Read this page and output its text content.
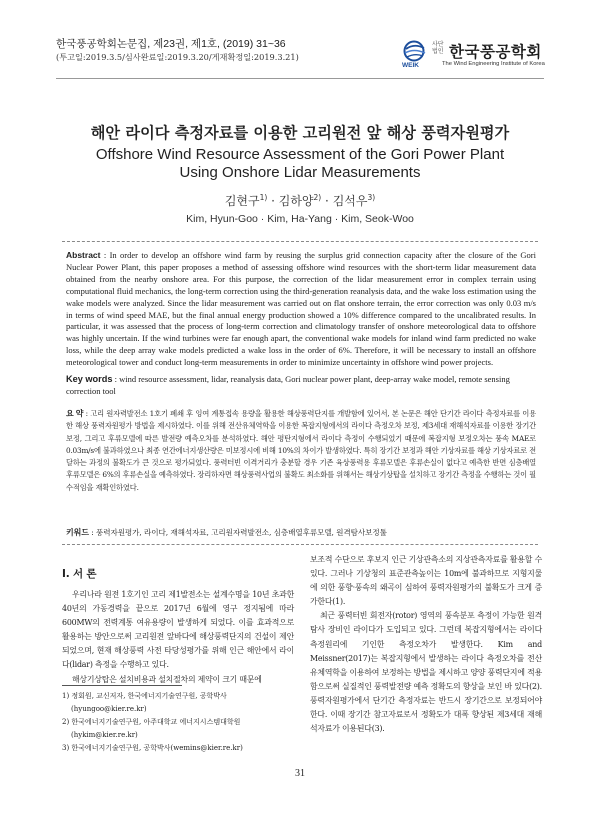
한국풍공학회논문집, 제23권, 제1호, (2019) 31~36
(투고일:2019.3.5/심사완료일:2019.3.20/게재확정일:2019.3.21)
사단법인 한국풍공학회
WEIK	The Wind Engineering Institute of Korea
해안 라이다 측정자료를 이용한 고리원전 앞 해상 풍력자원평가
Offshore Wind Resource Assessment of the Gori Power Plant
Using Onshore Lidar Measurements
김현구$^{1)}$ · 김하양$^{2)}$ · 김석우$^{3)}$
Kim, Hyun-Goo · Kim, Ha-Yang · Kim, Seok-Woo
Abstract : In order to develop an offshore wind farm by reusing the surplus grid connection capacity after the closure of the Gori Nuclear Power Plant, this paper proposes a method of assessing offshore wind resources with the short-term lidar measurement data obtained from the nearby onshore area. For this purpose, the correction of the lidar measurement error in complex terrain using computational fluid mechanics, the long-term correction using the third-generation reanalysis data, and the wake loss estimation using the wake models were analyzed. Since the lidar measurement was carried out on flat onshore terrain, the error correction was only 0.03 m/s in terms of wind speed MAE, but the final annual energy production showed a 10% difference compared to the uncalibrated results. In particular, it was assessed that the process of long-term correction and climatology transfer of onshore meteorological data to offshore was highly uncertain. If the wind turbines were far enough apart, the conventional wake models for inland wind farm predicted no wake loss, while the deep array wake models predicted a wake loss in the order of 6%. Therefore, it will be necessary to install an offshore meteorological tower and conduct long-term measurements in order to minimize uncertainty in offshore wind power projects.
Key words : wind resource assessment, lidar, reanalysis data, Gori nuclear power plant, deep-array wake model, remote sensing correction tool
요 약 : 고리 원자력발전소 1호기 폐쇄 후 잉여 계통접속 용량을 활용한 해상풍력단지를 개발함에 있어서, 본 논문은 해안 단기간 라이다 측정자료를 이용한 해상 풍력자원평가 방법을 제시하였다. 이를 위해 전산유체역학을 이용한 복잡지형에서의 라이다 측정오차 보정, 제3세대 재해석자료를 이용한 장기간 보정, 그리고 후류모델에 따른 발전량 예측오차를 분석하였다. 해안 평탄지형에서 라이다 측정이 수행되었기 때문에 복잡지형 보정오차는 풍속 MAE로 0.03m/s에 불과하였으나 최종 연간에너지생산량은 미보정시에 비해 10%의 차이가 발생하였다. 특히 장기간 보정과 해안 기상자료를 해상 기상자료로 전달하는 과정의 불확도가 큰 것으로 평가되었다. 풍력터빈 이격거리가 충분할 경우 기존 육상풍력용 후류모델은 후류손실이 없다고 예측한 반면 심층배열 후류모델은 6%의 후류손실을 예측하였다. 장리하자면 해상풍력사업의 불확도 최소화를 위해서는 해상기상탑을 설치하고 장기간 측정을 수행하는 것이 필수적임을 재확인하였다.
키워드 : 풍력자원평가, 라이다, 재해석자료, 고리원자력발전소, 심층배열후류모델, 원격탐사보정툴

I. 서 론

우리나라 원전 1호기인 고리 제1발전소는 설계수명을 10년 초과한 40년의 가동경력을 끝으로 2017년 6월에 영구 정지됨에 따라 600MW의 전력계통 여유용량이 발생하게 되었다. 이를 효과적으로 활용하는 방안으로써 고리원전 앞바다에 해상풍력단지의 건설이 제안되었으며, 현재 해상풍력 사전 타당성평가를 위해 인근 해안에서 라이다(lidar) 측정을 수행하고 있다.

해상기상탑은 설치비용과 설치절차의 제약이 크기 때문에

보조적 수단으로 후보지 인근 기상관측소의 지상관측자료를 활용할 수 있다. 그러나 기상청의 표준관측높이는 10m에 불과하므로 지형지물에 의한 풍향·풍속의 왜곡이 심하여 풍력자원평가의 불확도가 크게 증가한다(1).

최근 풍력터빈 회전자(rotor) 영역의 풍속분포 측정이 가능한 원격탐사 장비인 라이다가 도입되고 있다. 그런데 복잡지형에서는 라이다 측정원리에 기인한 측정오차가 발생한다. Kim and Meissner(2017)는 복잡지형에서 발생하는 라이다 측정오차를 전산유체역학을 이용하여 보정하는 방법을 제시하고 양양 풍력단지에 적용함으로써 실질적인 풍력발전량 예측 정확도의 향상을 보인 바 있다(2). 풍력자원평가에서 단기간 측정자료는 반드시 장기간으로 보정되어야 한다. 이때 장기간 참고자료로서 정확도가 대폭 향상된 제3세대 재해석자료가 이용된다(3).

1) 정회원, 교신저자, 한국에너지기술연구원, 공학박사
(hyungoo@kier.re.kr)
2) 한국에너지기술연구원, 아주대학교 에너지시스템대학원
(hykim@kier.re.kr)
3) 한국에너지기술연구원, 공학박사(wemins@kier.re.kr)
31
